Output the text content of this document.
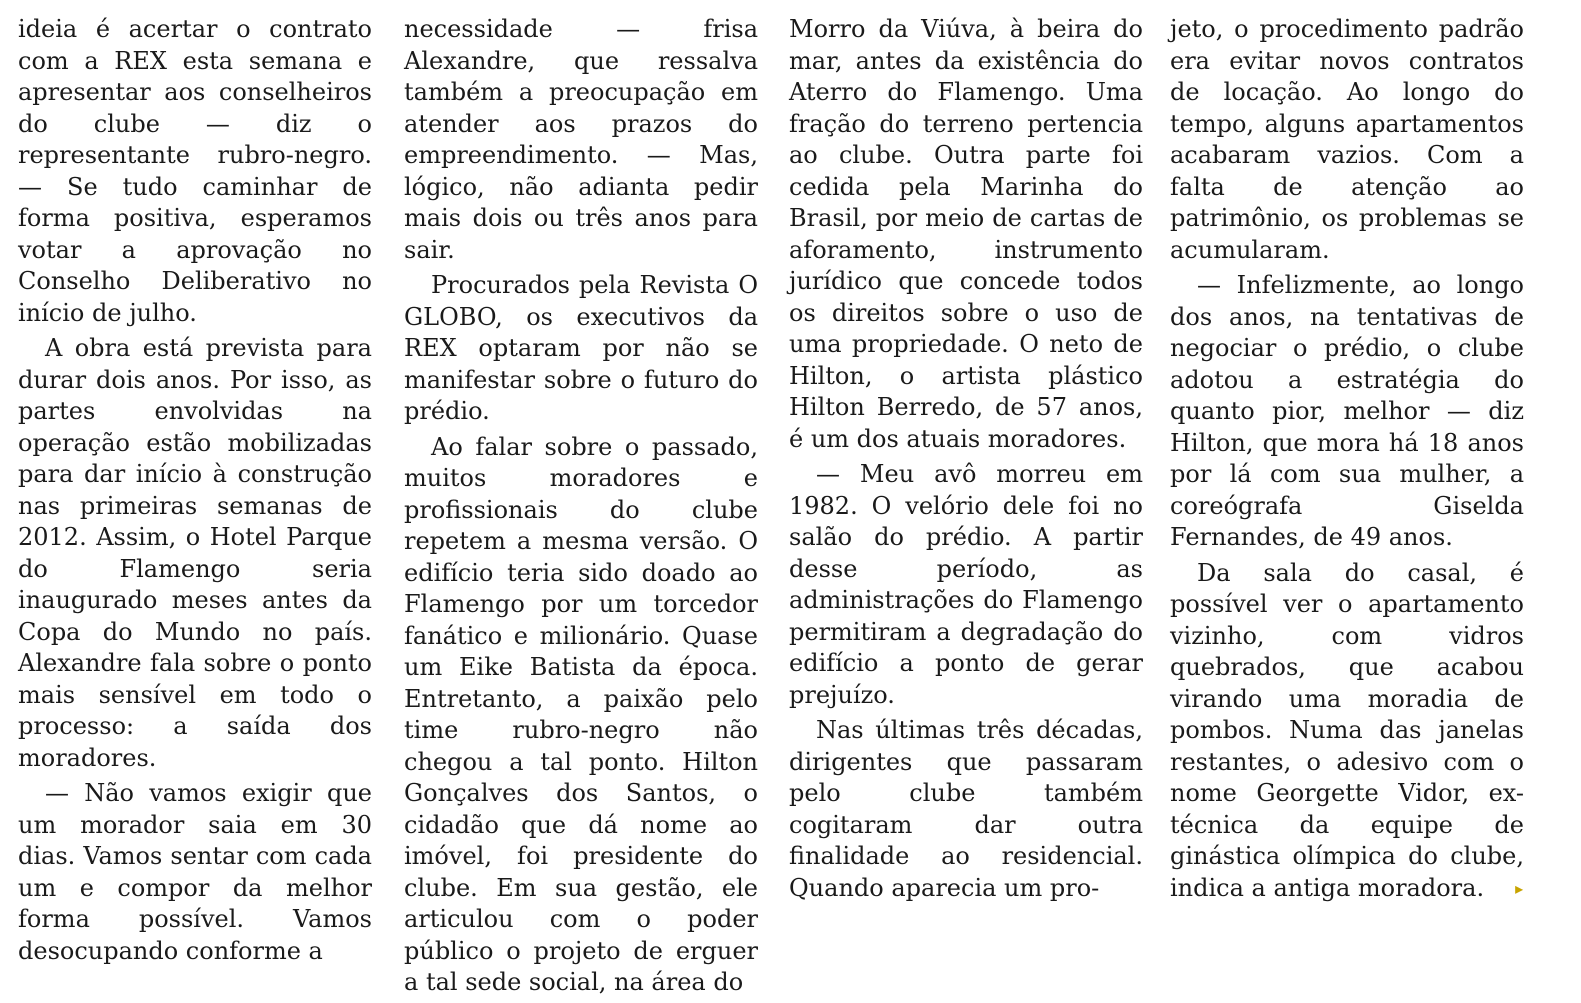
ideia é acertar o contrato com a REX esta semana e apresentar aos conselheiros do clube — diz o representante rubro-negro. — Se tudo caminhar de forma positiva, esperamos votar a aprovação no Conselho Deliberativo no início de julho.

A obra está prevista para durar dois anos. Por isso, as partes envolvidas na operação estão mobilizadas para dar início à construção nas primeiras semanas de 2012. Assim, o Hotel Parque do Flamengo seria inaugurado meses antes da Copa do Mundo no país. Alexandre fala sobre o ponto mais sensível em todo o processo: a saída dos moradores.

— Não vamos exigir que um morador saia em 30 dias. Vamos sentar com cada um e compor da melhor forma possível. Vamos desocupando conforme a

necessidade — frisa Alexandre, que ressalva também a preocupação em atender aos prazos do empreendimento. — Mas, lógico, não adianta pedir mais dois ou três anos para sair.

Procurados pela Revista O GLOBO, os executivos da REX optaram por não se manifestar sobre o futuro do prédio.

Ao falar sobre o passado, muitos moradores e profissionais do clube repetem a mesma versão. O edifício teria sido doado ao Flamengo por um torcedor fanático e milionário. Quase um Eike Batista da época. Entretanto, a paixão pelo time rubro-negro não chegou a tal ponto. Hilton Gonçalves dos Santos, o cidadão que dá nome ao imóvel, foi presidente do clube. Em sua gestão, ele articulou com o poder público o projeto de erguer a tal sede social, na área do

Morro da Viúva, à beira do mar, antes da existência do Aterro do Flamengo. Uma fração do terreno pertencia ao clube. Outra parte foi cedida pela Marinha do Brasil, por meio de cartas de aforamento, instrumento jurídico que concede todos os direitos sobre o uso de uma propriedade. O neto de Hilton, o artista plástico Hilton Berredo, de 57 anos, é um dos atuais moradores.

— Meu avô morreu em 1982. O velório dele foi no salão do prédio. A partir desse período, as administrações do Flamengo permitiram a degradação do edifício a ponto de gerar prejuízo.

Nas últimas três décadas, dirigentes que passaram pelo clube também cogitaram dar outra finalidade ao residencial. Quando aparecia um pro-

jeto, o procedimento padrão era evitar novos contratos de locação. Ao longo do tempo, alguns apartamentos acabaram vazios. Com a falta de atenção ao patrimônio, os problemas se acumularam.

— Infelizmente, ao longo dos anos, na tentativas de negociar o prédio, o clube adotou a estratégia do quanto pior, melhor — diz Hilton, que mora há 18 anos por lá com sua mulher, a coreógrafa Giselda Fernandes, de 49 anos.

Da sala do casal, é possível ver o apartamento vizinho, com vidros quebrados, que acabou virando uma moradia de pombos. Numa das janelas restantes, o adesivo com o nome Georgette Vidor, ex-técnica da equipe de ginástica olímpica do clube, indica a antiga moradora. ▸
